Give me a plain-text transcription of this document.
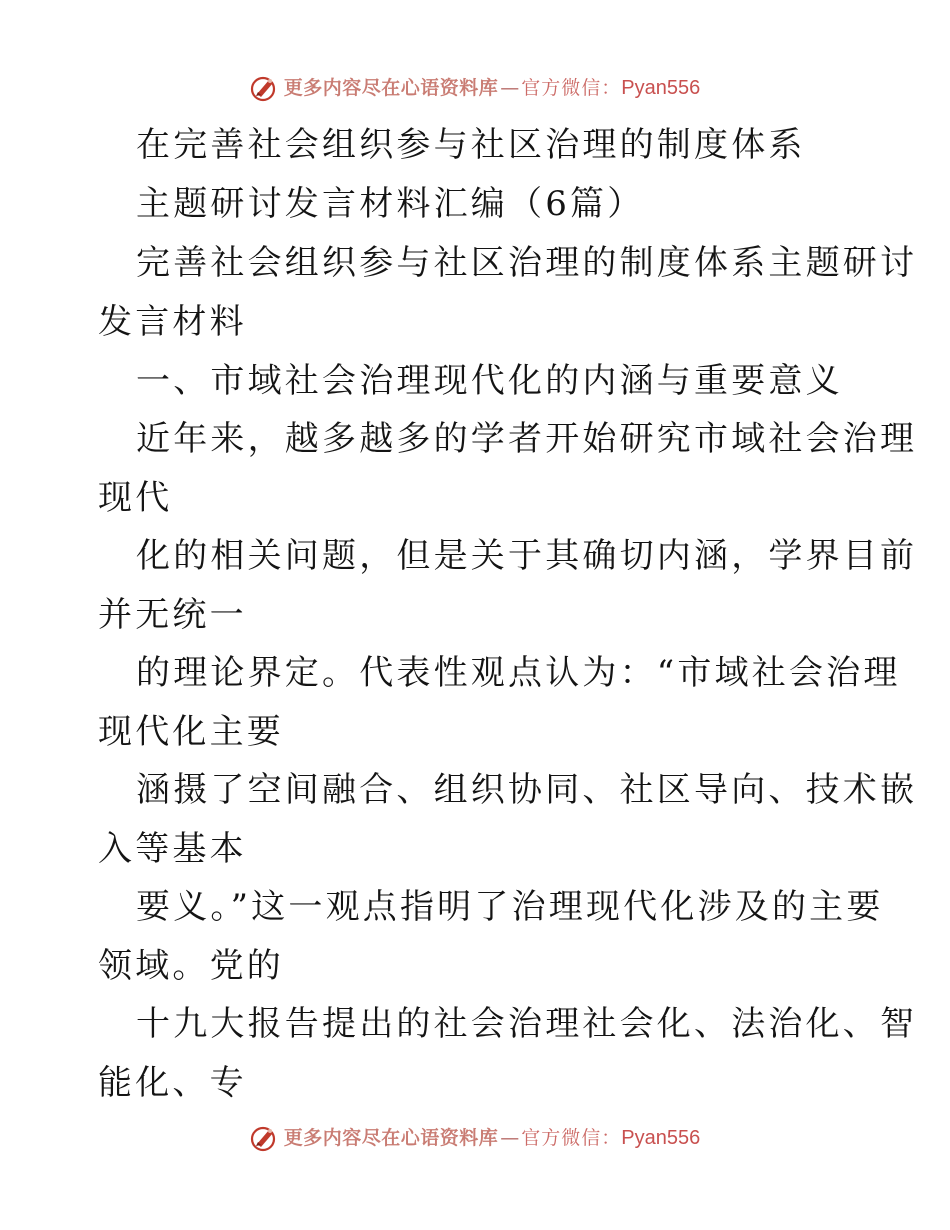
更多内容尽在心语资料库 — 官方微信： Pyan556

在完善社会组织参与社区治理的制度体系

主题研讨发言材料汇编（6篇）

完善社会组织参与社区治理的制度体系主题研讨

发言材料

一、市域社会治理现代化的内涵与重要意义

近年来，越多越多的学者开始研究市域社会治理

现代

化的相关问题，但是关于其确切内涵，学界目前

并无统一

的理论界定。代表性观点认为：“市域社会治理

现代化主要

涵摄了空间融合、组织协同、社区导向、技术嵌

入等基本

要义。”这一观点指明了治理现代化涉及的主要

领域。党的

十九大报告提出的社会治理社会化、法治化、智

能化、专

更多内容尽在心语资料库 — 官方微信： Pyan556
